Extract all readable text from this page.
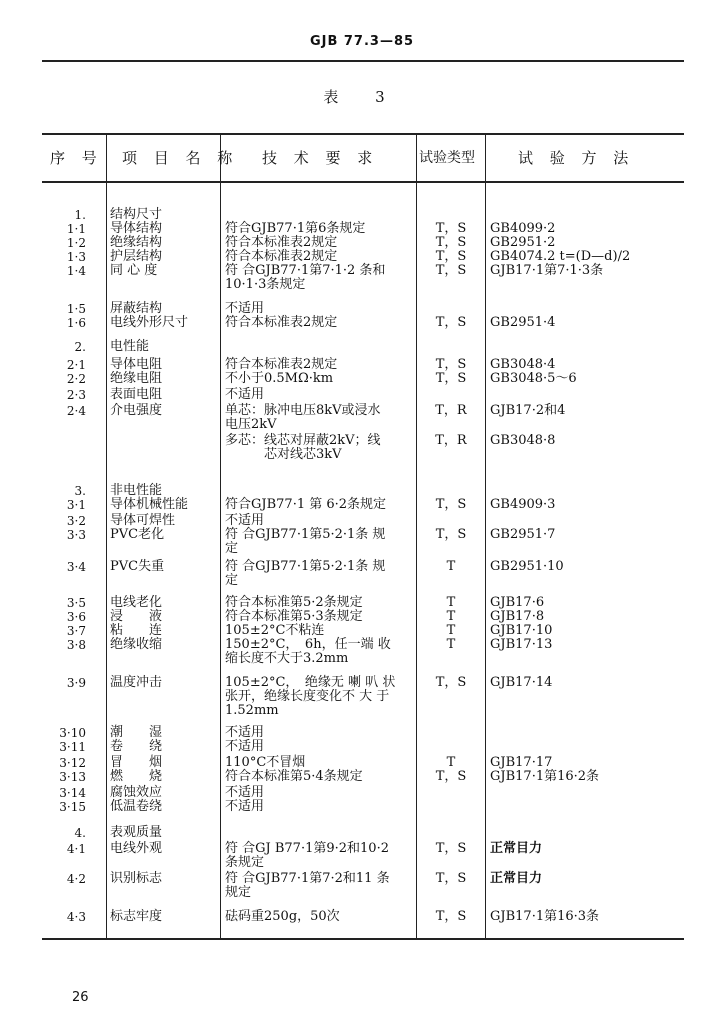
GJB 77.3—85
表 3
序 号 项 目 名 称 技 术 要 求	试验类型	试 验 方 法
1. 结构尺寸
1·1 导体结构	符合GJB77·1第6条规定	T，S	GB4099·2
1·2 绝缘结构	符合本标准表2规定	T，S	GB2951·2
1·3 护层结构	符合本标准表2规定	T，S	GB4074.2 t=(D—d)/2
1·4 同 心 度	符 合GJB77·1第7·1·2 条和	T，S	GJB17·1第7·1·3条
10·1·3条规定
1·5 屏蔽结构	不适用
1·6 电线外形尺寸	符合本标准表2规定	T，S	GB2951·4
2. 电性能
2·1 导体电阻	符合本标准表2规定	T，S	GB3048·4
2·2 绝缘电阻	不小于0.5MΩ·km	T，S	GB3048·5～6
2·3 表面电阻	不适用
2·4 介电强度	单芯：脉冲电压8kV或浸水	T，R	GJB17·2和4
电压2kV
多芯：线芯对屏蔽2kV；线	T，R	GB3048·8
　　　芯对线芯3kV
3. 非电性能
3·1 导体机械性能	符合GJB77·1 第 6·2条规定	T，S	GB4909·3
3·2 导体可焊性	不适用
3·3 PVC老化	符 合GJB77·1第5·2·1条 规	T，S	GB2951·7
定
3·4 PVC失重	符 合GJB77·1第5·2·1条 规	T	GB2951·10
定
3·5 电线老化	符合本标准第5·2条规定	T	GJB17·6
3·6 浸　　液	符合本标准第5·3条规定	T	GJB17·8
3·7 粘　　连	105±2°C不粘连	T	GJB17·10
3·8 绝缘收缩	150±2°C，　6h，任一端 收	T	GJB17·13
缩长度不大于3.2mm
3·9 温度冲击	105±2°C，　绝缘无 喇 叭 状	T，S	GJB17·14
张开，绝缘长度变化不 大 于
1.52mm
3·10 潮　　湿	不适用
3·11 卷　　绕	不适用
3·12 冒　　烟	110°C不冒烟	T	GJB17·17
3·13 燃　　烧	符合本标准第5·4条规定	T，S	GJB17·1第16·2条
3·14 腐蚀效应	不适用
3·15 低温卷绕	不适用
4. 表观质量
4·1 电线外观	符 合GJ B77·1第9·2和10·2	T，S	正常目力
条规定
4·2 识别标志	符 合GJB77·1第7·2和11 条	T，S	正常目力
规定
4·3 标志牢度	砝码重250g，50次	T，S	GJB17·1第16·3条
26
